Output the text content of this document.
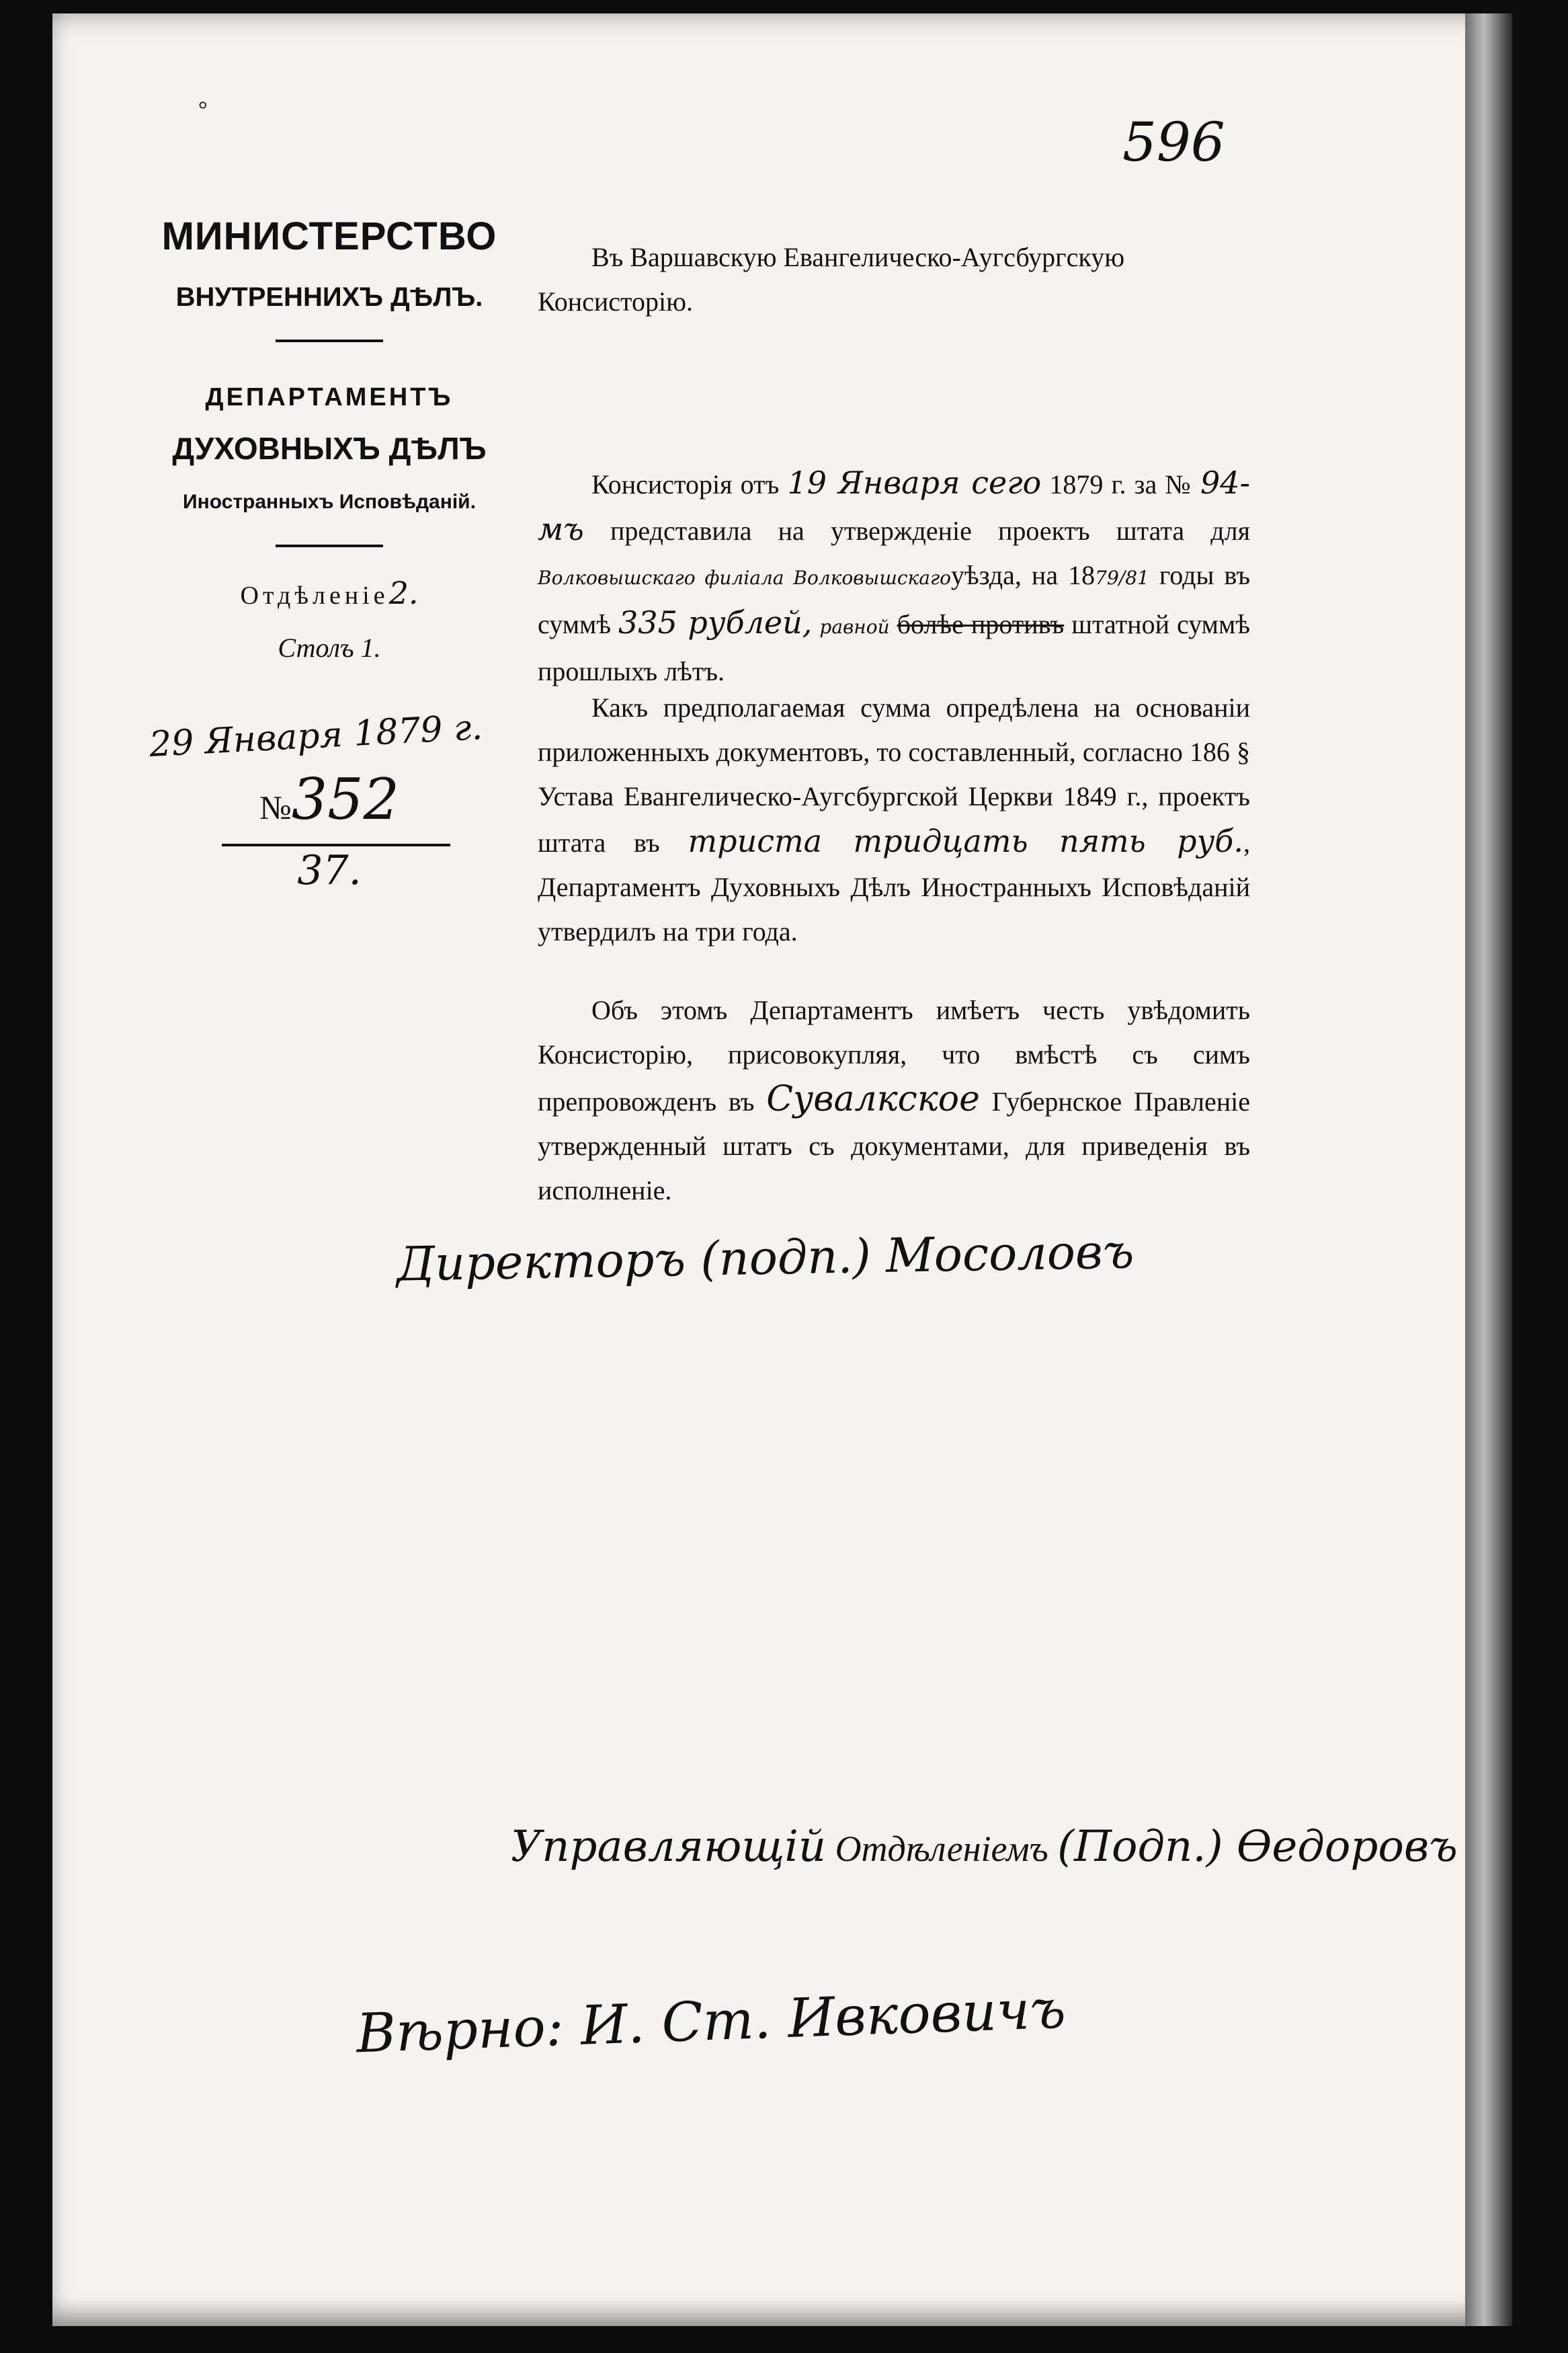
°
596
МИНИСТЕРСТВО
ВНУТРЕННИХЪ ДѢЛЪ.
ДЕПАРТАМЕНТЪ
ДУХОВНЫХЪ ДѢЛЪ
Иностранныхъ Исповѣданій.
Отдѣленіе2.
Столъ 1.
29 Января 1879 г.
№352
37.
Въ Варшавскую Евангелическо-Аугсбургскую Консисторію.
Консисторія отъ 19 Января сего 1879 г. за № 94-мъ представила на утвержденіе проектъ штата для Волковышскаго филіала Волковышскагоуѣзда, на 1879/81 годы въ суммѣ 335 рублей, равной болѣе противъ штатной суммѣ прошлыхъ лѣтъ.
Какъ предполагаемая сумма опредѣлена на основаніи приложенныхъ документовъ, то составленный, согласно 186 § Устава Евангелическо-Аугсбургской Церкви 1849 г., проектъ штата въ триста тридцать пять руб., Департаментъ Духовныхъ Дѣлъ Иностранныхъ Исповѣданій утвердилъ на три года.
Объ этомъ Департаментъ имѣетъ честь увѣдомить Консисторію, присовокупляя, что вмѣстѣ съ симъ препровожденъ въ Сувалкское Губернское Правленіе утвержденный штатъ съ документами, для приведенія въ исполненіе.
Директоръ (подп.) Мосоловъ
Управляющій Отдѣленіемъ (Подп.) Ѳедоровъ
Вѣрно: И. Ст. Ивковичъ
